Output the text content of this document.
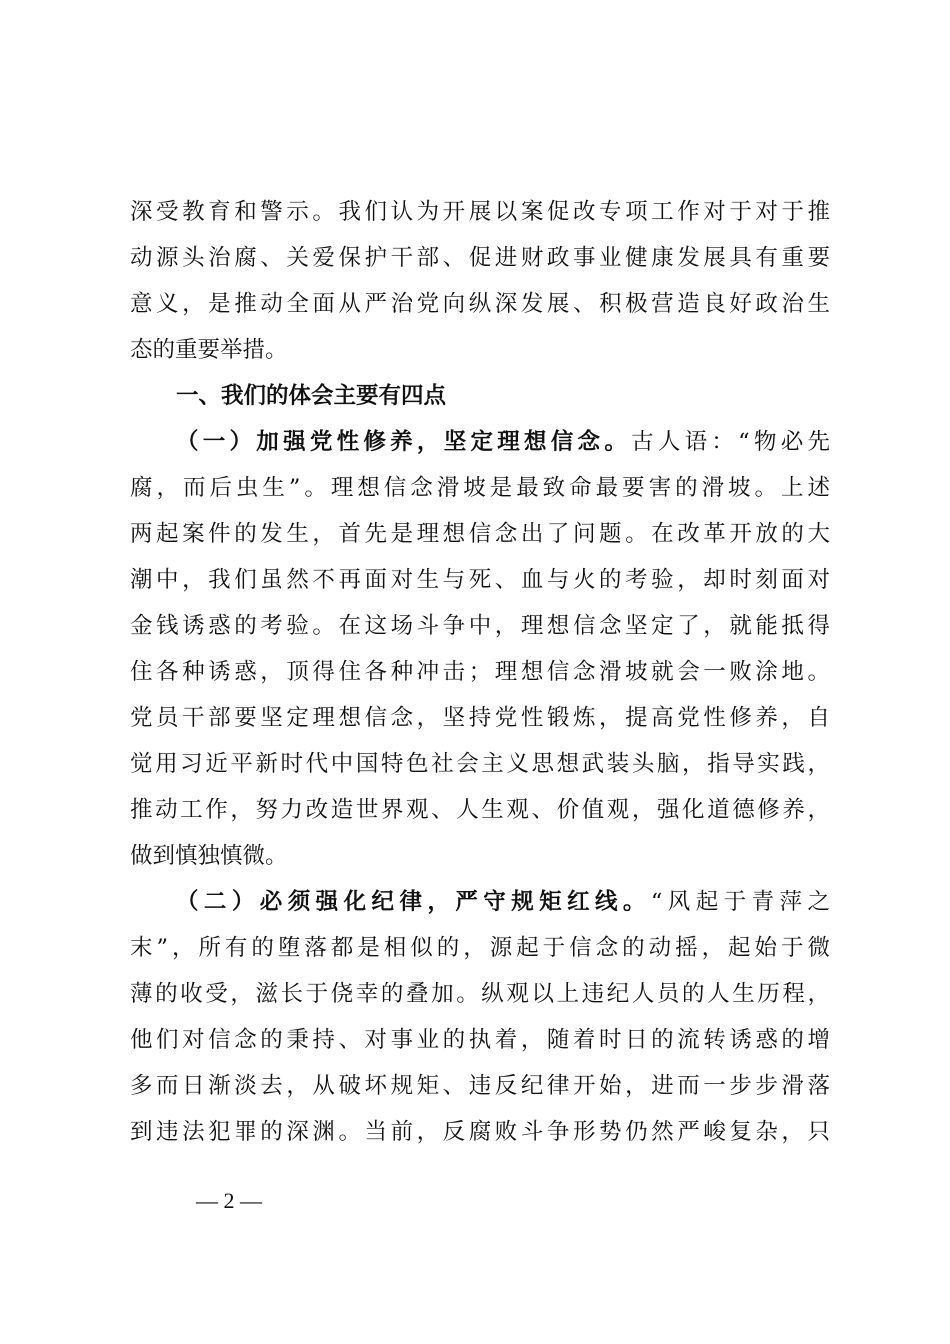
深受教育和警示。我们认为开展以案促改专项工作对于对于推
动源头治腐、关爱保护干部、促进财政事业健康发展具有重要
意义，是推动全面从严治党向纵深发展、积极营造良好政治生
态的重要举措。
一、我们的体会主要有四点
（一）加强党性修养，坚定理想信念。古人语：“物必先
腐，而后虫生”。理想信念滑坡是最致命最要害的滑坡。上述
两起案件的发生，首先是理想信念出了问题。在改革开放的大
潮中，我们虽然不再面对生与死、血与火的考验，却时刻面对
金钱诱惑的考验。在这场斗争中，理想信念坚定了，就能抵得
住各种诱惑，顶得住各种冲击；理想信念滑坡就会一败涂地。
党员干部要坚定理想信念，坚持党性锻炼，提高党性修养，自
觉用习近平新时代中国特色社会主义思想武装头脑，指导实践，
推动工作，努力改造世界观、人生观、价值观，强化道德修养，
做到慎独慎微。
（二）必须强化纪律，严守规矩红线。“风起于青萍之
末”，所有的堕落都是相似的，源起于信念的动摇，起始于微
薄的收受，滋长于侥幸的叠加。纵观以上违纪人员的人生历程，
他们对信念的秉持、对事业的执着，随着时日的流转诱惑的增
多而日渐淡去，从破坏规矩、违反纪律开始，进而一步步滑落
到违法犯罪的深渊。当前，反腐败斗争形势仍然严峻复杂，只
— 2 —
